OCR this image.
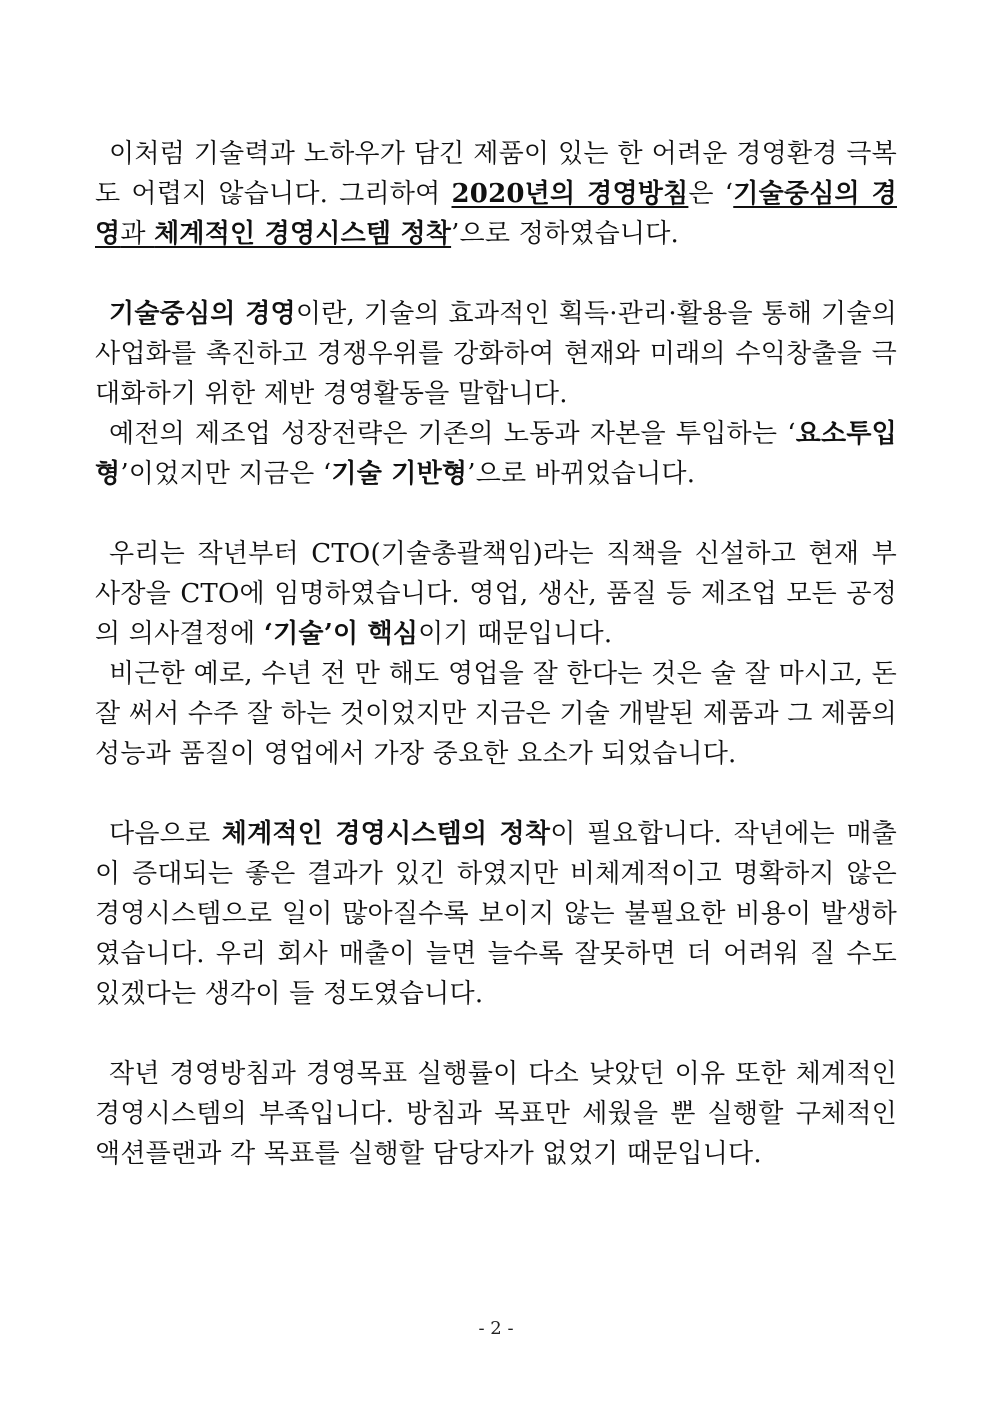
이처럼 기술력과 노하우가 담긴 제품이 있는 한 어려운 경영환경 극복도 어렵지 않습니다. 그리하여 2020년의 경영방침은 ‘기술중심의 경영과 체계적인 경영시스템 정착’으로 정하였습니다.

기술중심의 경영이란, 기술의 효과적인 획득·관리·활용을 통해 기술의 사업화를 촉진하고 경쟁우위를 강화하여 현재와 미래의 수익창출을 극대화하기 위한 제반 경영활동을 말합니다.

예전의 제조업 성장전략은 기존의 노동과 자본을 투입하는 ‘요소투입형’이었지만 지금은 ‘기술 기반형’으로 바뀌었습니다.

우리는 작년부터 CTO(기술총괄책임)라는 직책을 신설하고 현재 부사장을 CTO에 임명하였습니다. 영업, 생산, 품질 등 제조업 모든 공정의 의사결정에 ‘기술’이 핵심이기 때문입니다.

비근한 예로, 수년 전 만 해도 영업을 잘 한다는 것은 술 잘 마시고, 돈 잘 써서 수주 잘 하는 것이었지만 지금은 기술 개발된 제품과 그 제품의 성능과 품질이 영업에서 가장 중요한 요소가 되었습니다.

다음으로 체계적인 경영시스템의 정착이 필요합니다. 작년에는 매출이 증대되는 좋은 결과가 있긴 하였지만 비체계적이고 명확하지 않은 경영시스템으로 일이 많아질수록 보이지 않는 불필요한 비용이 발생하였습니다. 우리 회사 매출이 늘면 늘수록 잘못하면 더 어려워 질 수도 있겠다는 생각이 들 정도였습니다.

작년 경영방침과 경영목표 실행률이 다소 낮았던 이유 또한 체계적인 경영시스템의 부족입니다. 방침과 목표만 세웠을 뿐 실행할 구체적인 액션플랜과 각 목표를 실행할 담당자가 없었기 때문입니다.

- 2 -
